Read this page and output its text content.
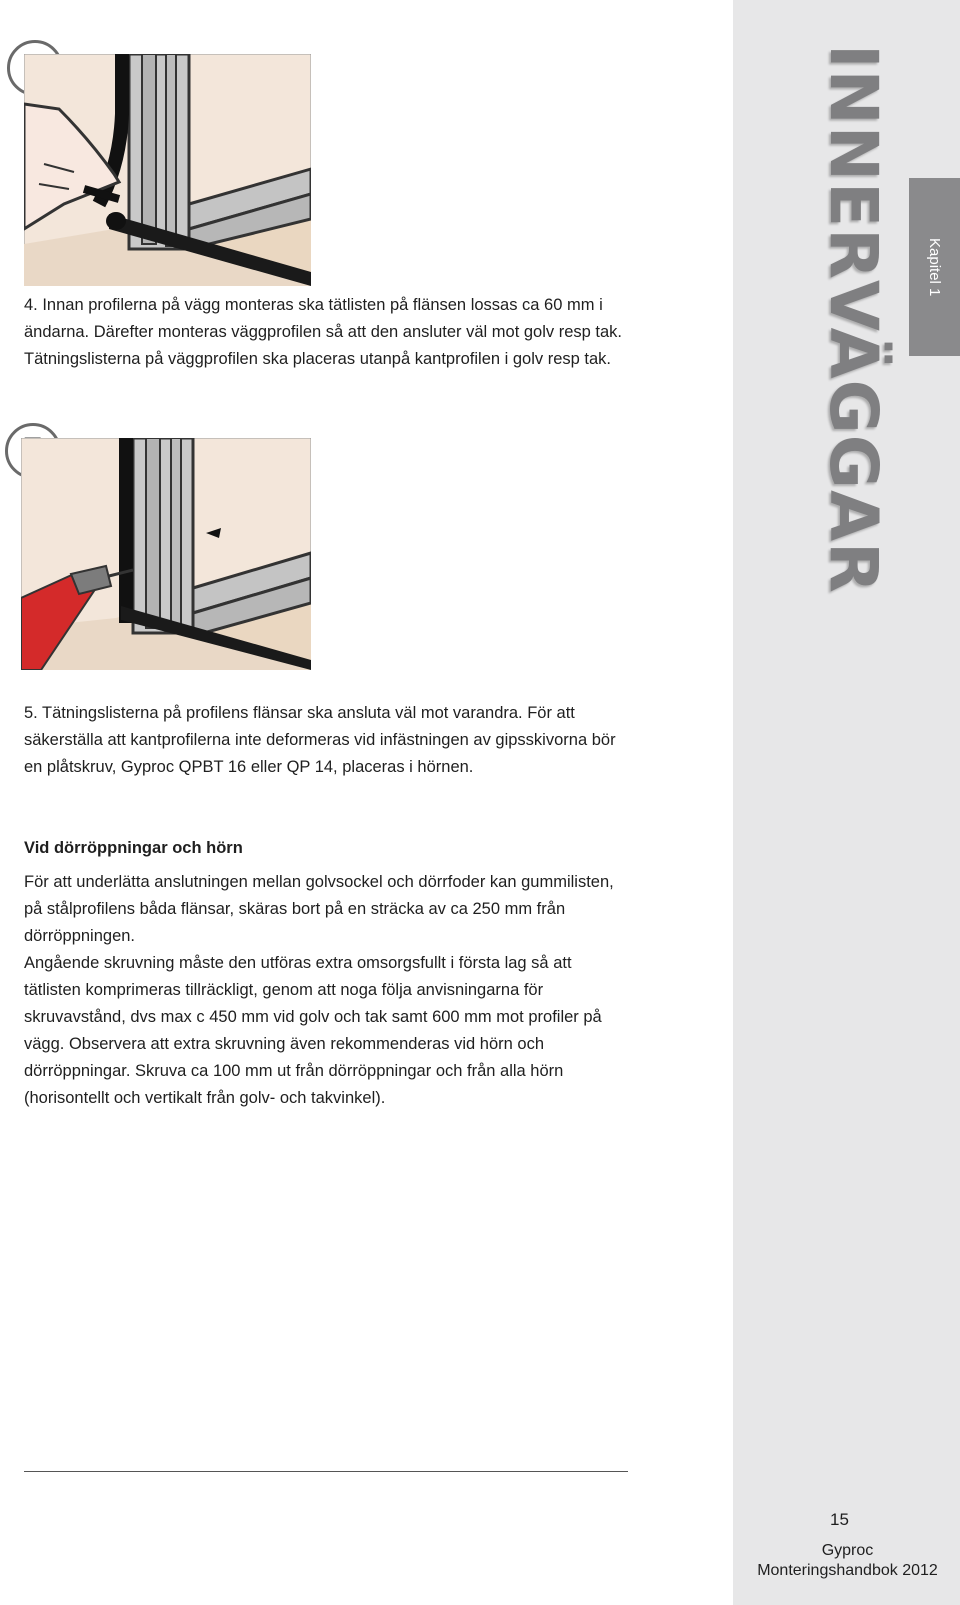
INNERVÄGGAR	Kapitel 1

4. Innan profilerna på vägg monteras ska tätlisten på flänsen lossas ca 60 mm i ändarna. Därefter monteras väggprofilen så att den ansluter väl mot golv resp tak. Tätningslisterna på väggprofilen ska placeras utanpå kantprofilen i golv resp tak.

5. Tätningslisterna på profilens flänsar ska ansluta väl mot varandra. För att säkerställa att kantprofilerna inte deformeras vid infästningen av gipsskivorna bör en plåtskruv, Gyproc QPBT 16 eller QP 14, placeras i hörnen.

Vid dörröppningar och hörn

För att underlätta anslutningen mellan golvsockel och dörrfoder kan gummilisten, på stålprofilens båda flänsar, skäras bort på en sträcka av ca 250 mm från dörröppningen.

Angående skruvning måste den utföras extra omsorgsfullt i första lag så att tätlisten komprimeras tillräckligt, genom att noga följa anvisningarna för skruvavstånd, dvs max c 450 mm vid golv och tak samt 600 mm mot profiler på vägg. Observera att extra skruvning även rekommenderas vid hörn och dörröppningar. Skruva ca 100 mm ut från dörröppningar och från alla hörn (horisontellt och vertikalt från golv- och takvinkel).

15
Gyproc
Monteringshandbok 2012
